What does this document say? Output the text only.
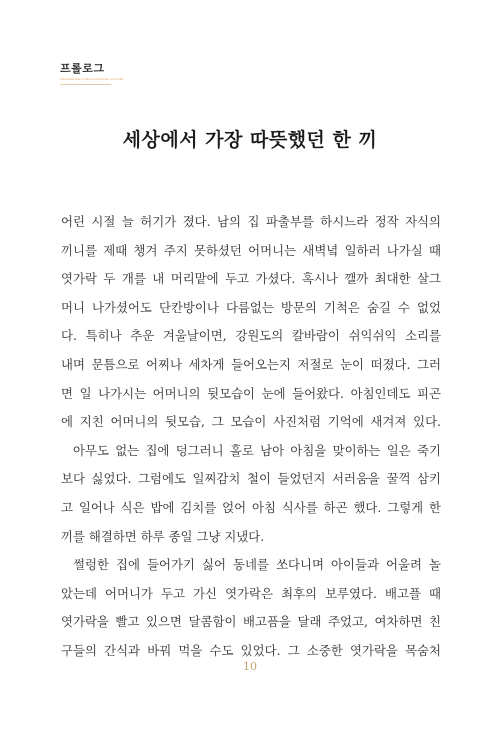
프롤로그
The Happiness of Parents & Mother and child
세상에서 가장 따뜻했던 한 끼
어린 시절 늘 허기가 졌다. 남의 집 파출부를 하시느라 정작 자식의
끼니를 제때 챙겨 주지 못하셨던 어머니는 새벽녘 일하러 나가실 때
엿가락 두 개를 내 머리맡에 두고 가셨다. 혹시나 깰까 최대한 살그
머니 나가셨어도 단칸방이나 다름없는 방문의 기척은 숨길 수 없었
다. 특히나 추운 겨울날이면, 강원도의 칼바람이 쉬익쉬익 소리를
내며 문틈으로 어찌나 세차게 들어오는지 저절로 눈이 떠졌다. 그러
면 일 나가시는 어머니의 뒷모습이 눈에 들어왔다. 아침인데도 피곤
에 지친 어머니의 뒷모습, 그 모습이 사진처럼 기억에 새겨져 있다.
아무도 없는 집에 덩그러니 홀로 남아 아침을 맞이하는 일은 죽기
보다 싫었다. 그럼에도 일찌감치 철이 들었던지 서러움을 꿀꺽 삼키
고 일어나 식은 밥에 김치를 얹어 아침 식사를 하곤 했다. 그렇게 한
끼를 해결하면 하루 종일 그냥 지냈다.
썰렁한 집에 들어가기 싫어 동네를 쏘다니며 아이들과 어울려 놀
았는데 어머니가 두고 가신 엿가락은 최후의 보루였다. 배고플 때
엿가락을 빨고 있으면 달콤함이 배고픔을 달래 주었고, 여차하면 친
구들의 간식과 바꿔 먹을 수도 있었다. 그 소중한 엿가락을 목숨처
10
